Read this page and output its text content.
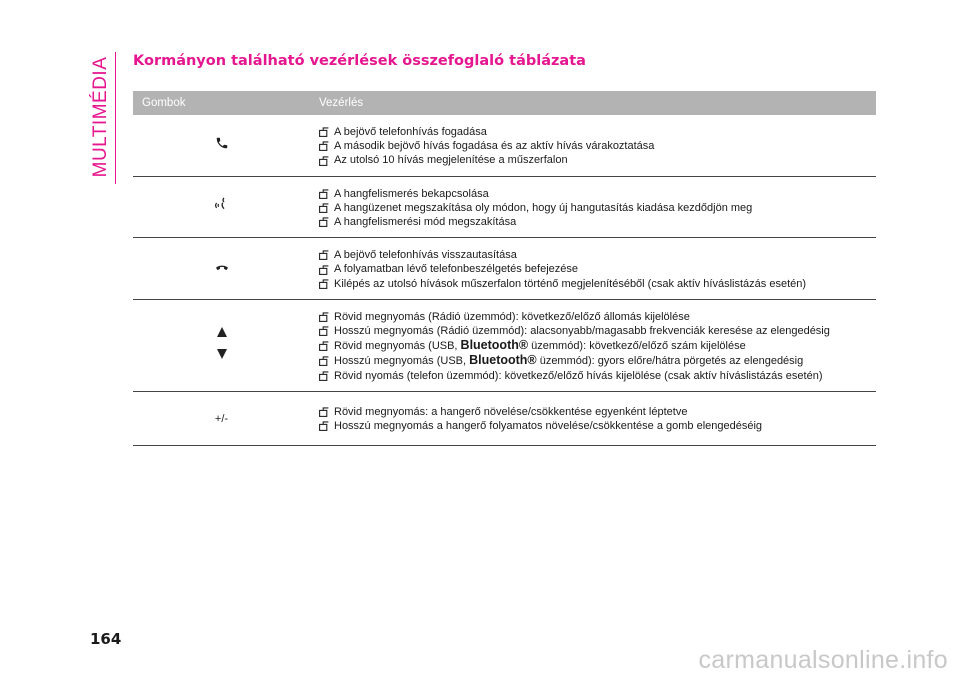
MULTIMÉDIA Kormányon található vezérlések összefoglaló táblázata
Gombok	Vezérlés

A bejövő telefonhívás fogadása
A második bejövő hívás fogadása és az aktív hívás várakoztatása
Az utolsó 10 hívás megjelenítése a műszerfalon

A hangfelismerés bekapcsolása
A hangüzenet megszakítása oly módon, hogy új hangutasítás kiadása kezdődjön meg
A hangfelismerési mód megszakítása

A bejövő telefonhívás visszautasítása
A folyamatban lévő telefonbeszélgetés befejezése
Kilépés az utolsó hívások műszerfalon történő megjelenítéséből (csak aktív híváslistázás esetén)

Rövid megnyomás (Rádió üzemmód): következő/előző állomás kijelölése
Hosszú megnyomás (Rádió üzemmód): alacsonyabb/magasabb frekvenciák keresése az elengedésig
Rövid megnyomás (USB, Bluetooth® üzemmód): következő/előző szám kijelölése
Hosszú megnyomás (USB, Bluetooth® üzemmód): gyors előre/hátra pörgetés az elengedésig
Rövid nyomás (telefon üzemmód): következő/előző hívás kijelölése (csak aktív híváslistázás esetén)

+/-	Rövid megnyomás: a hangerő növelése/csökkentése egyenként léptetve
Hosszú megnyomás a hangerő folyamatos növelése/csökkentése a gomb elengedéséig
164
carmanualsonline.info
